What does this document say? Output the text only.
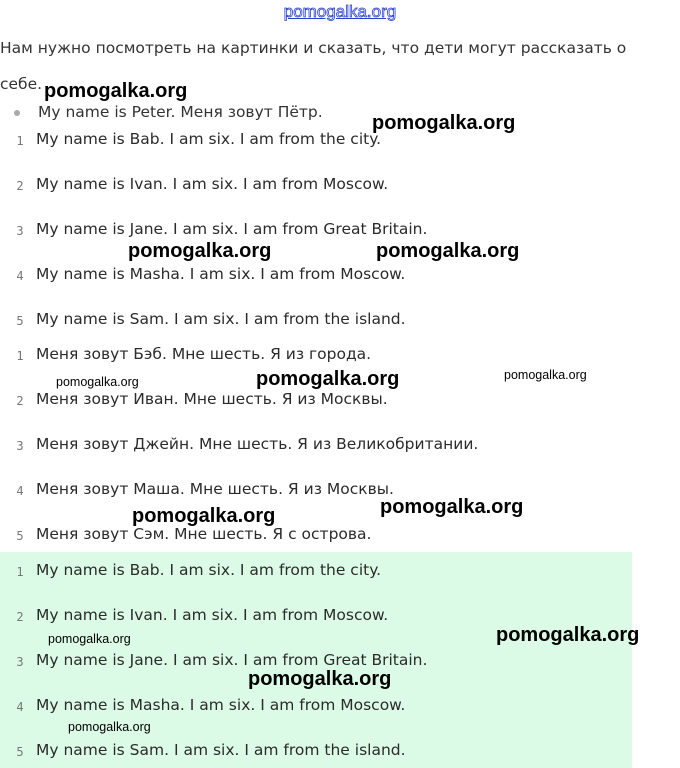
pomogalka.org
Нам нужно посмотреть на картинки и сказать, что дети могут рассказать о себе.
My name is Peter. Меня зовут Пётр.
1 My name is Bab. I am six. I am from the city.
2 My name is Ivan. I am six. I am from Moscow.
3 My name is Jane. I am six. I am from Great Britain.
4 My name is Masha. I am six. I am from Moscow.
5 My name is Sam. I am six. I am from the island.
1 Меня зовут Бэб. Мне шесть. Я из города.
2 Меня зовут Иван. Мне шесть. Я из Москвы.
3 Меня зовут Джейн. Мне шесть. Я из Великобритании.
4 Меня зовут Маша. Мне шесть. Я из Москвы.
5 Меня зовут Сэм. Мне шесть. Я с острова.
1 My name is Bab. I am six. I am from the city.
2 My name is Ivan. I am six. I am from Moscow.
3 My name is Jane. I am six. I am from Great Britain.
4 My name is Masha. I am six. I am from Moscow.
5 My name is Sam. I am six. I am from the island.
pomogalka.org
pomogalka.org
pomogalka.org	pomogalka.org
pomogalka.org	pomogalka.org	pomogalka.org
pomogalka.org	pomogalka.org
pomogalka.org	pomogalka.org
pomogalka.org
pomogalka.org
